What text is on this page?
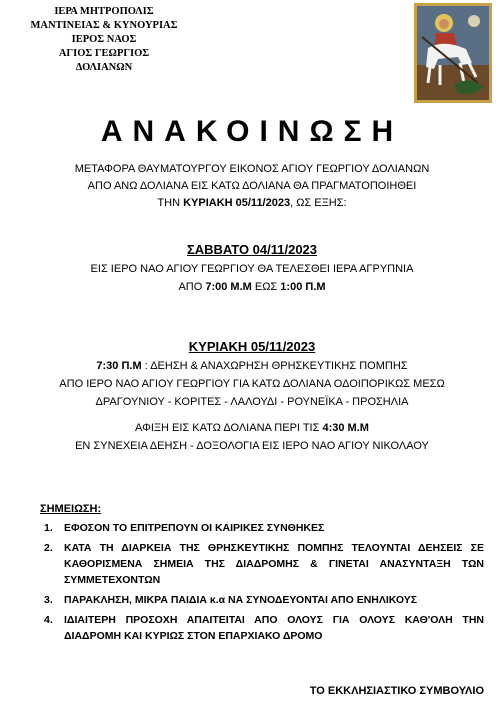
ΙΕΡΑ ΜΗΤΡΟΠΟΛΙΣ
ΜΑΝΤΙΝΕΙΑΣ & ΚΥΝΟΥΡΙΑΣ
ΙΕΡΟΣ ΝΑΟΣ
ΑΓΙΟΣ ΓΕΩΡΓΙΟΣ
ΔΟΛΙΑΝΩΝ
ΑΝΑΚΟΙΝΩΣΗ
ΜΕΤΑΦΟΡΑ ΘΑΥΜΑΤΟΥΡΓΟΥ ΕΙΚΟΝΟΣ ΑΓΙΟΥ ΓΕΩΡΓΙΟΥ ΔΟΛΙΑΝΩΝ
ΑΠΟ ΑΝΩ ΔΟΛΙΑΝΑ ΕΙΣ ΚΑΤΩ ΔΟΛΙΑΝΑ ΘΑ ΠΡΑΓΜΑΤΟΠΟΙΗΘΕΙ
ΤΗΝ ΚΥΡΙΑΚΗ 05/11/2023, ΩΣ ΕΞΗΣ:
ΣΑΒΒΑΤΟ 04/11/2023
ΕΙΣ ΙΕΡΟ ΝΑΟ ΑΓΙΟΥ ΓΕΩΡΓΙΟΥ ΘΑ ΤΕΛΕΣΘΕΙ ΙΕΡΑ ΑΓΡΥΠΝΙΑ
ΑΠΟ 7:00 Μ.Μ ΕΩΣ 1:00 Π.Μ
ΚΥΡΙΑΚΗ 05/11/2023
7:30 Π.Μ : ΔΕΗΣΗ & ΑΝΑΧΩΡΗΣΗ ΘΡΗΣΚΕΥΤΙΚΗΣ ΠΟΜΠΗΣ
ΑΠΟ ΙΕΡΟ ΝΑΟ ΑΓΙΟΥ ΓΕΩΡΓΙΟΥ ΓΙΑ ΚΑΤΩ ΔΟΛΙΑΝΑ ΟΔΟΙΠΟΡΙΚΩΣ ΜΕΣΩ
ΔΡΑΓΟΥΝΙΟΥ - ΚΟΡΙΤΕΣ - ΛΑΛΟΥΔΙ - ΡΟΥΝΕΪΚΑ - ΠΡΟΣΗΛΙΑ
ΑΦΙΞΗ ΕΙΣ ΚΑΤΩ ΔΟΛΙΑΝΑ ΠΕΡΙ ΤΙΣ 4:30 Μ.Μ
ΕΝ ΣΥΝΕΧΕΙΑ ΔΕΗΣΗ - ΔΟΞΟΛΟΓΙΑ ΕΙΣ ΙΕΡΟ ΝΑΟ ΑΓΙΟΥ ΝΙΚΟΛΑΟΥ
ΣΗΜΕΙΩΣΗ:
1. ΕΦΟΣΟΝ ΤΟ ΕΠΙΤΡΕΠΟΥΝ ΟΙ ΚΑΙΡΙΚΕΣ ΣΥΝΘΗΚΕΣ
2. ΚΑΤΑ ΤΗ ΔΙΑΡΚΕΙΑ ΤΗΣ ΘΡΗΣΚΕΥΤΙΚΗΣ ΠΟΜΠΗΣ ΤΕΛΟΥΝΤΑΙ ΔΕΗΣΕΙΣ ΣΕ ΚΑΘΟΡΙΣΜΕΝΑ ΣΗΜΕΙΑ ΤΗΣ ΔΙΑΔΡΟΜΗΣ & ΓΙΝΕΤΑΙ ΑΝΑΣΥΝΤΑΞΗ ΤΩΝ ΣΥΜΜΕΤΕΧΟΝΤΩΝ
3. ΠΑΡΑΚΛΗΣΗ, ΜΙΚΡΑ ΠΑΙΔΙΑ κ.α ΝΑ ΣΥΝΟΔΕΥΟΝΤΑΙ ΑΠΟ ΕΝΗΛΙΚΟΥΣ
4. ΙΔΙΑΙΤΕΡΗ ΠΡΟΣΟΧΗ ΑΠΑΙΤΕΙΤΑΙ ΑΠΟ ΟΛΟΥΣ ΓΙΑ ΟΛΟΥΣ ΚΑΘ'ΟΛΗ ΤΗΝ ΔΙΑΔΡΟΜΗ ΚΑΙ ΚΥΡΙΩΣ ΣΤΟΝ ΕΠΑΡΧΙΑΚΟ ΔΡΟΜΟ
ΤΟ ΕΚΚΛΗΣΙΑΣΤΙΚΟ ΣΥΜΒΟΥΛΙΟ
